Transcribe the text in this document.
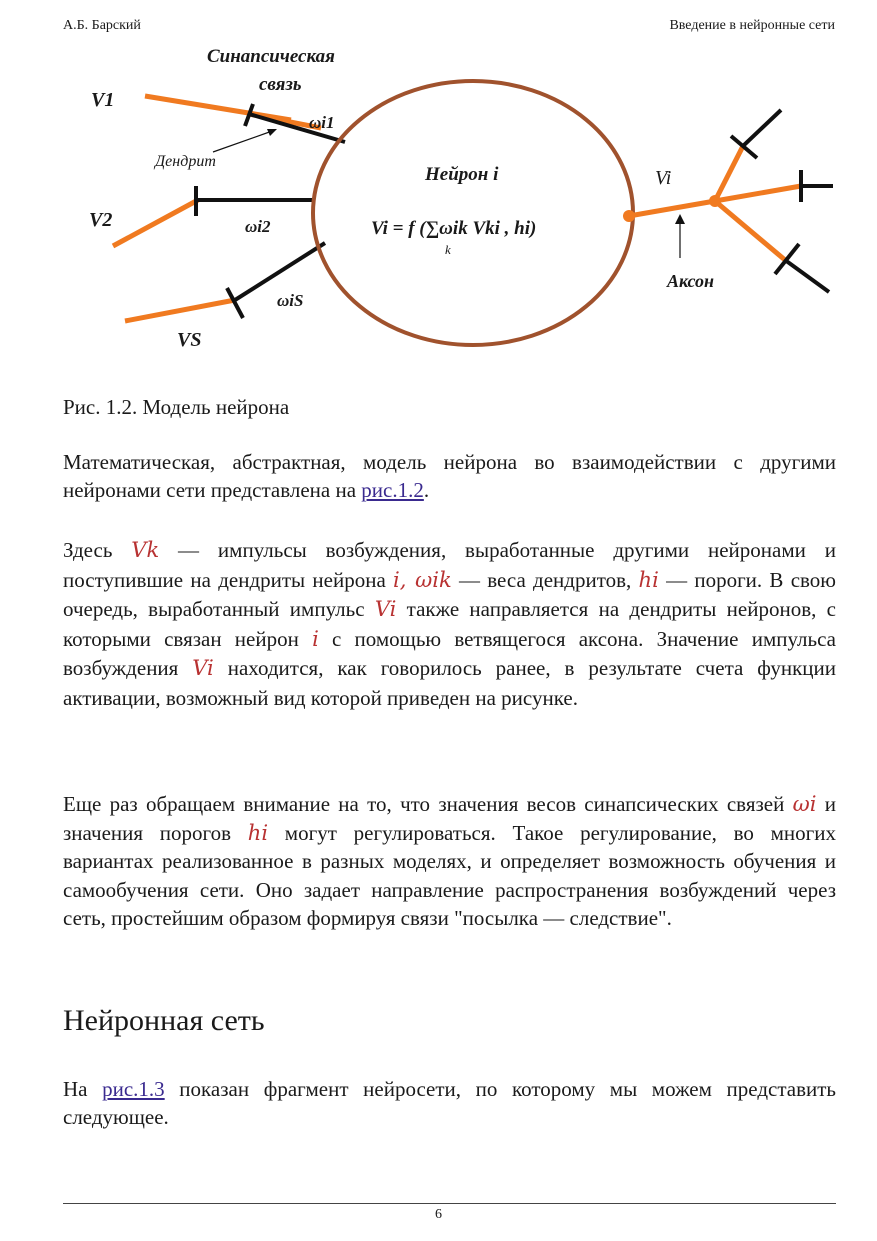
А.Б. Барский	Введение в нейронные сети
Синапсическая
связь
Дендрит
Нейрон i
Vi = f (∑ωik Vki , hi)
k
Аксон
V1
V2
VS
ωi1
ωi2
ωiS
Vi
Рис. 1.2. Модель нейрона

Математическая, абстрактная, модель нейрона во взаимодействии с другими нейронами сети представлена на рис.1.2.

Здесь Vk — импульсы возбуждения, выработанные другими нейронами и поступившие на дендриты нейрона i, ωik — веса дендритов, hi — пороги. В свою очередь, выработанный импульс Vi также направляется на дендриты нейронов, с которыми связан нейрон i с помощью ветвящегося аксона. Значение импульса возбуждения Vi находится, как говорилось ранее, в результате счета функции активации, возможный вид которой приведен на рисунке.

Еще раз обращаем внимание на то, что значения весов синапсических связей ωi и значения порогов hi могут регулироваться. Такое регулирование, во многих вариантах реализованное в разных моделях, и определяет возможность обучения и самообучения сети. Оно задает направление распространения возбуждений через сеть, простейшим образом формируя связи "посылка — следствие".

Нейронная сеть

На рис.1.3 показан фрагмент нейросети, по которому мы можем представить следующее.

6
